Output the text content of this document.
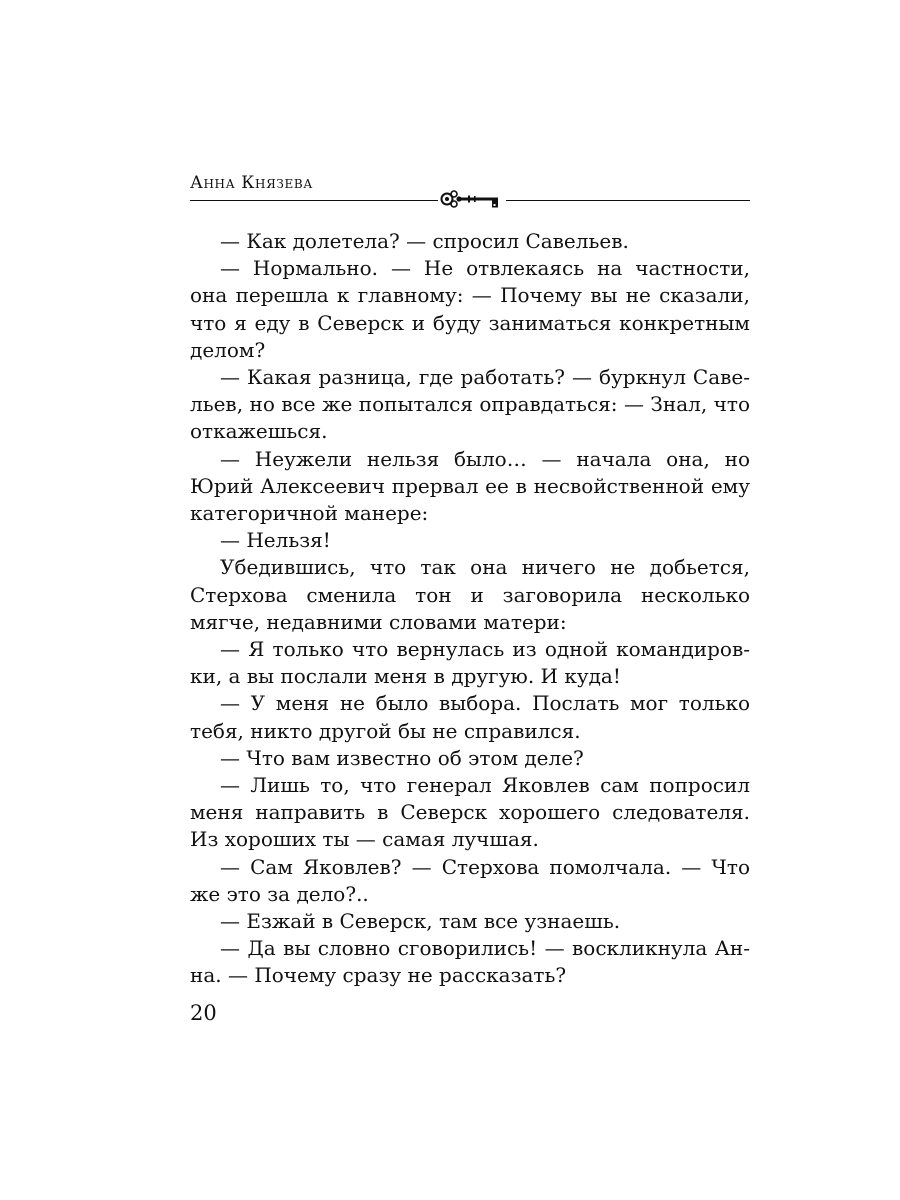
Анна Князева

— Как долетела? — спросил Савельев.

— Нормально. — Не отвлекаясь на частности, она перешла к главному: — Почему вы не сказали, что я еду в Северск и буду заниматься конкретным делом?

— Какая разница, где работать? — буркнул Савельев, но все же попытался оправдаться: — Знал, что откажешься.

— Неужели нельзя было… — начала она, но Юрий Алексеевич прервал ее в несвойственной ему категоричной манере:

— Нельзя!

Убедившись, что так она ничего не добьется, Стерхова сменила тон и заговорила несколько мягче, недавними словами матери:

— Я только что вернулась из одной командировки, а вы послали меня в другую. И куда!

— У меня не было выбора. Послать мог только тебя, никто другой бы не справился.

— Что вам известно об этом деле?

— Лишь то, что генерал Яковлев сам попросил меня направить в Северск хорошего следователя. Из хороших ты — самая лучшая.

— Сам Яковлев? — Стерхова помолчала. — Что же это за дело?..

— Езжай в Северск, там все узнаешь.

— Да вы словно сговорились! — воскликнула Анна. — Почему сразу не рассказать?

20
